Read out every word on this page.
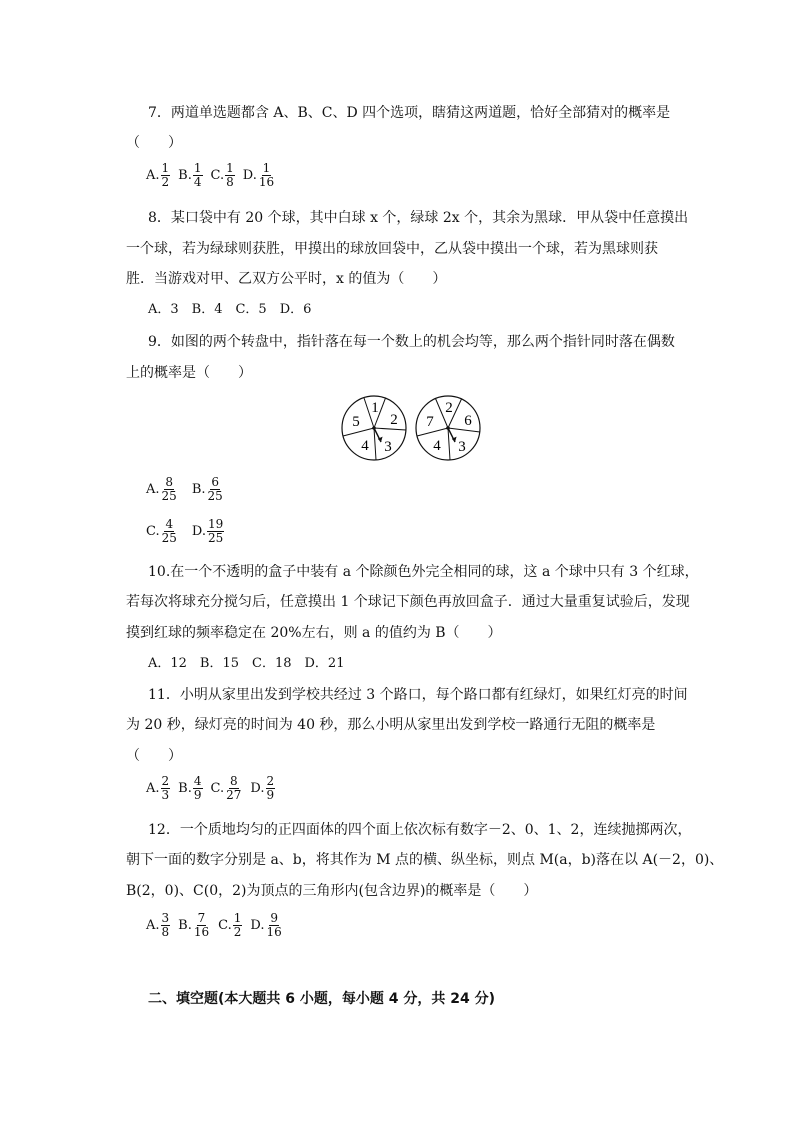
7．两道单选题都含 A、B、C、D 四个选项，瞎猜这两道题，恰好全部猜对的概率是
（　　）
A. $\frac{1}{2} B$. $\frac{1}{4} C$. $\frac{1}{8} D$. $\frac{1}{16}$
8．某口袋中有 20 个球，其中白球 x 个，绿球 2x 个，其余为黑球．甲从袋中任意摸出
一个球，若为绿球则获胜，甲摸出的球放回袋中，乙从袋中摸出一个球，若为黑球则获
胜．当游戏对甲、乙双方公平时，x 的值为（　　）
A．3　B．4　C．5　D．6
9．如图的两个转盘中，指针落在每一个数上的机会均等，那么两个指针同时落在偶数
上的概率是（　　）
1
2
3
4
5
2
6
3
4
7
A. $\frac{8}{25} B$. $\frac{6}{25}$
C. $\frac{4}{25} D$. $\frac{19}{25}$
10.在一个不透明的盒子中装有 a 个除颜色外完全相同的球，这 a 个球中只有 3 个红球，
若每次将球充分搅匀后，任意摸出 1 个球记下颜色再放回盒子．通过大量重复试验后，发现
摸到红球的频率稳定在 20%左右，则 a 的值约为 B（　　）
A．12　B．15　C．18　D．21
11．小明从家里出发到学校共经过 3 个路口，每个路口都有红绿灯，如果红灯亮的时间
为 20 秒，绿灯亮的时间为 40 秒，那么小明从家里出发到学校一路通行无阻的概率是
（　　）
A. $\frac{2}{3} B$. $\frac{4}{9} C$. $\frac{8}{27} D$. $\frac{2}{9}$
12．一个质地均匀的正四面体的四个面上依次标有数字－2、0、1、2，连续抛掷两次，
朝下一面的数字分别是 a、b，将其作为 M 点的横、纵坐标，则点 M(a，b)落在以 A(－2，0)、
B(2，0)、C(0，2)为顶点的三角形内(包含边界)的概率是（　　）
A. $\frac{3}{8} B$. $\frac{7}{16} C$. $\frac{1}{2} D$. $\frac{9}{16}$
二、填空题(本大题共 6 小题，每小题 4 分，共 24 分)
